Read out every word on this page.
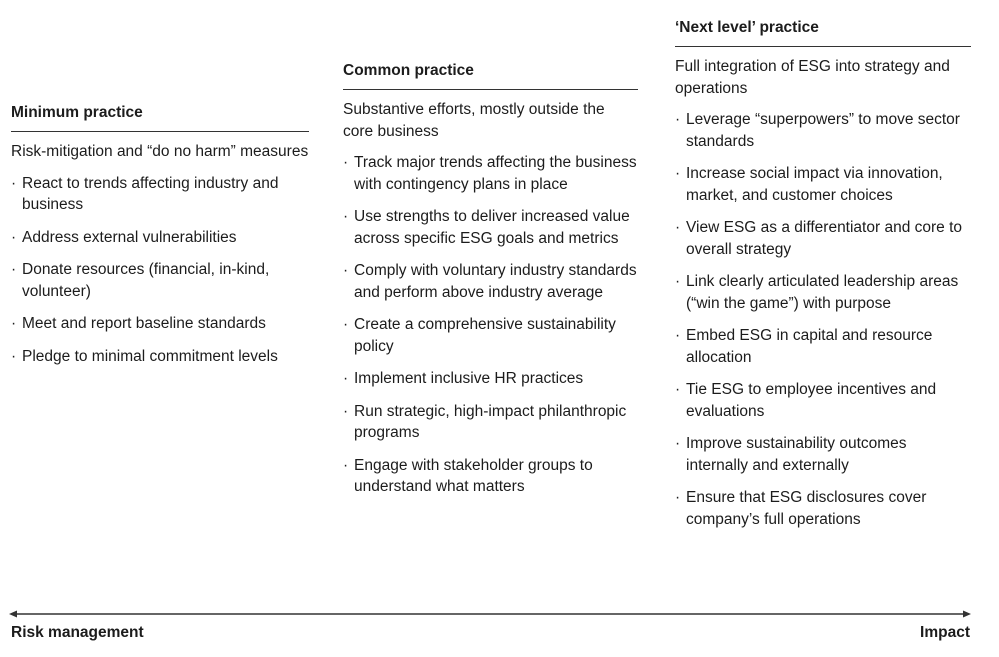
Minimum practice
Risk-mitigation and “do no harm” measures
· React to trends affecting industry and business
· Address external vulnerabilities
· Donate resources (financial, in-kind, volunteer)
· Meet and report baseline standards
· Pledge to minimal commitment levels
Common practice
Substantive efforts, mostly outside the core business
· Track major trends affecting the business with contingency plans in place
· Use strengths to deliver increased value across specific ESG goals and metrics
· Comply with voluntary industry standards and perform above industry average
· Create a comprehensive sustainability policy
· Implement inclusive HR practices
· Run strategic, high-impact philanthropic programs
· Engage with stakeholder groups to understand what matters
‘Next level’ practice
Full integration of ESG into strategy and operations
· Leverage “superpowers” to move sector standards
· Increase social impact via innovation, market, and customer choices
· View ESG as a differentiator and core to overall strategy
· Link clearly articulated leadership areas (“win the game”) with purpose
· Embed ESG in capital and resource allocation
· Tie ESG to employee incentives and evaluations
· Improve sustainability outcomes internally and externally
· Ensure that ESG disclosures cover company’s full operations
Risk management	Impact
